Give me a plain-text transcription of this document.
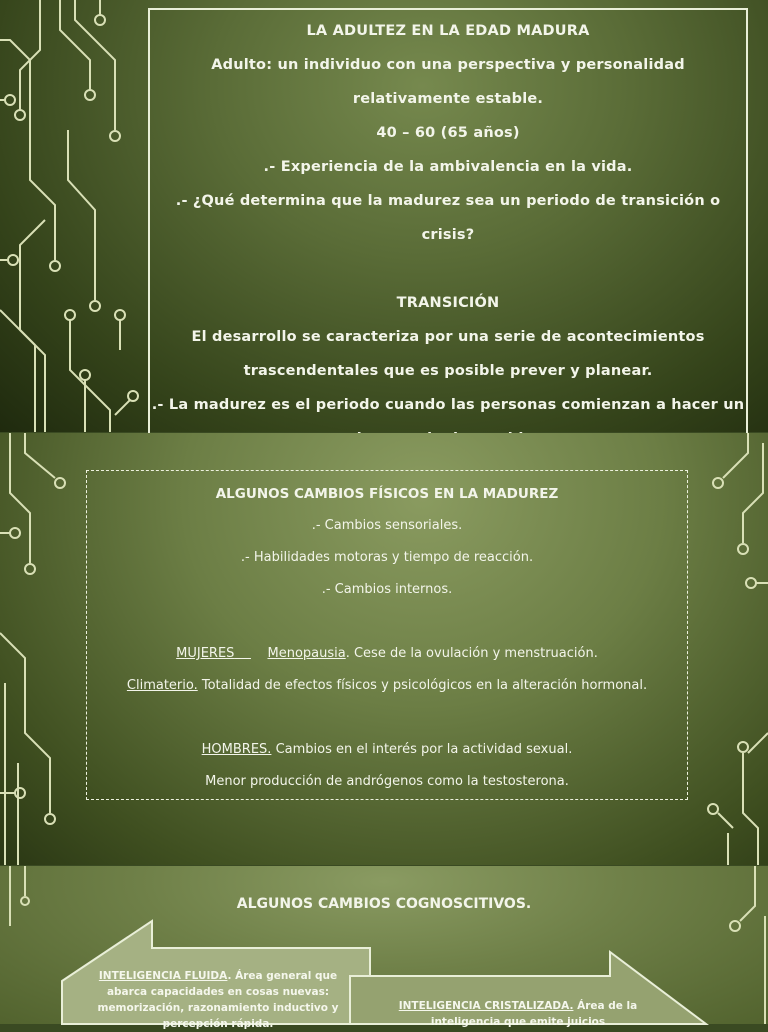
LA ADULTEZ EN LA EDAD MADURA

Adulto: un individuo con una perspectiva y personalidad relativamente estable.

40 – 60 (65 años)

.- Experiencia de la ambivalencia en la vida.

.- ¿Qué determina que la madurez sea un periodo de transición o crisis?

TRANSICIÓN

El desarrollo se caracteriza por una serie de acontecimientos trascendentales que es posible prever y planear.

.- La madurez es el periodo cuando las personas comienzan a hacer un

ALGUNOS CAMBIOS FÍSICOS EN LA MADUREZ

.- Cambios sensoriales.

.- Habilidades motoras y tiempo de reacción.

.- Cambios internos.

MUJERES	Menopausia. Cese de la ovulación y menstruación.

Climaterio. Totalidad de efectos físicos y psicológicos en la alteración hormonal.

HOMBRES. Cambios en el interés por la actividad sexual.

Menor producción de andrógenos como la testosterona.

ALGUNOS CAMBIOS COGNOSCITIVOS.
INTELIGENCIA FLUIDA. Área general que abarca capacidades en cosas nuevas: memorización, razonamiento inductivo y percepción rápida.
INTELIGENCIA CRISTALIZADA. Área de la inteligencia que emite juicios
